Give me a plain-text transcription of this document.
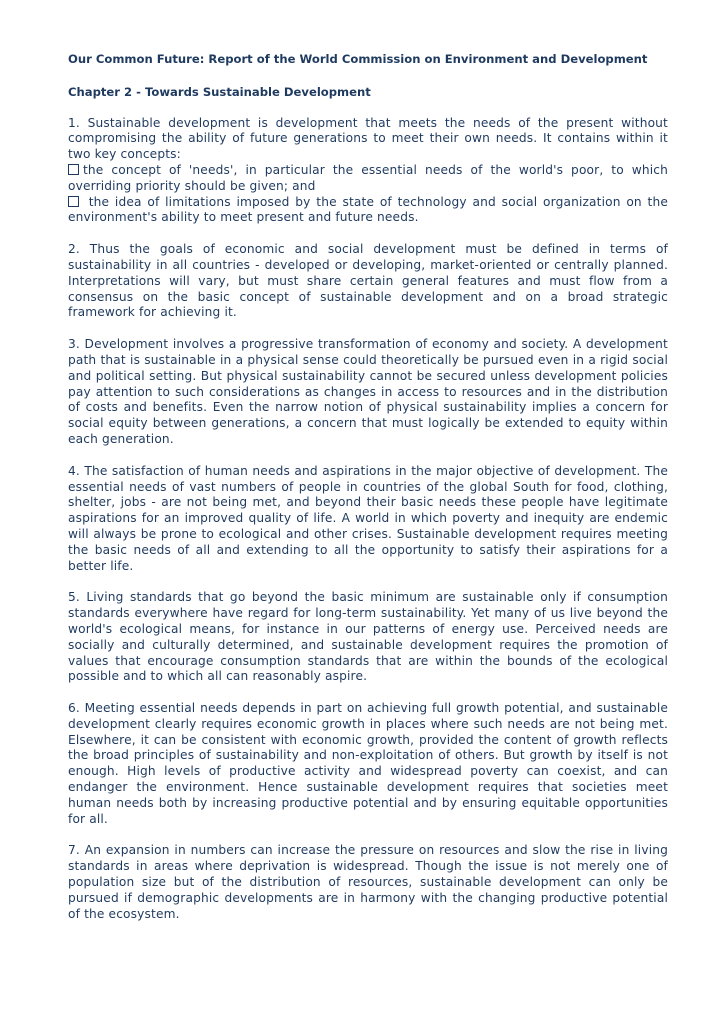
Our Common Future: Report of the World Commission on Environment and Development
Chapter 2 - Towards Sustainable Development
1. Sustainable development is development that meets the needs of the present without compromising the ability of future generations to meet their own needs. It contains within it two key concepts:
the concept of 'needs', in particular the essential needs of the world's poor, to which overriding priority should be given; and
the idea of limitations imposed by the state of technology and social organization on the environment's ability to meet present and future needs.
2. Thus the goals of economic and social development must be defined in terms of sustainability in all countries - developed or developing, market-oriented or centrally planned. Interpretations will vary, but must share certain general features and must flow from a consensus on the basic concept of sustainable development and on a broad strategic framework for achieving it.
3. Development involves a progressive transformation of economy and society. A development path that is sustainable in a physical sense could theoretically be pursued even in a rigid social and political setting. But physical sustainability cannot be secured unless development policies pay attention to such considerations as changes in access to resources and in the distribution of costs and benefits. Even the narrow notion of physical sustainability implies a concern for social equity between generations, a concern that must logically be extended to equity within each generation.
4. The satisfaction of human needs and aspirations in the major objective of development. The essential needs of vast numbers of people in countries of the global South for food, clothing, shelter, jobs - are not being met, and beyond their basic needs these people have legitimate aspirations for an improved quality of life. A world in which poverty and inequity are endemic will always be prone to ecological and other crises. Sustainable development requires meeting the basic needs of all and extending to all the opportunity to satisfy their aspirations for a better life.
5. Living standards that go beyond the basic minimum are sustainable only if consumption standards everywhere have regard for long-term sustainability. Yet many of us live beyond the world's ecological means, for instance in our patterns of energy use. Perceived needs are socially and culturally determined, and sustainable development requires the promotion of values that encourage consumption standards that are within the bounds of the ecological possible and to which all can reasonably aspire.
6. Meeting essential needs depends in part on achieving full growth potential, and sustainable development clearly requires economic growth in places where such needs are not being met. Elsewhere, it can be consistent with economic growth, provided the content of growth reflects the broad principles of sustainability and non-exploitation of others. But growth by itself is not enough. High levels of productive activity and widespread poverty can coexist, and can endanger the environment. Hence sustainable development requires that societies meet human needs both by increasing productive potential and by ensuring equitable opportunities for all.
7. An expansion in numbers can increase the pressure on resources and slow the rise in living standards in areas where deprivation is widespread. Though the issue is not merely one of population size but of the distribution of resources, sustainable development can only be pursued if demographic developments are in harmony with the changing productive potential of the ecosystem.
